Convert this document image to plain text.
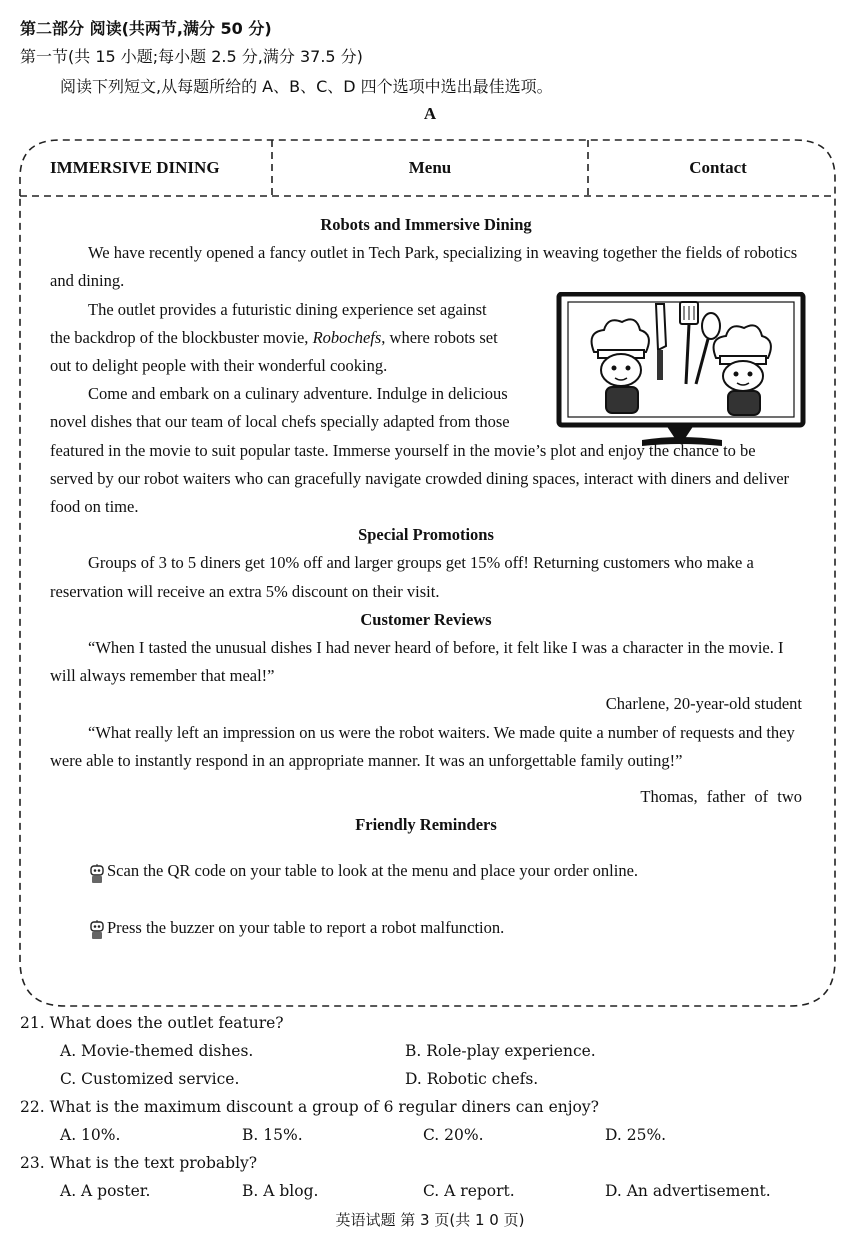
第二部分 阅读(共两节,满分 50 分)
第一节(共 15 小题;每小题 2.5 分,满分 37.5 分)
阅读下列短文,从每题所给的 A、B、C、D 四个选项中选出最佳选项。
A
IMMERSIVE DINING	Menu	Contact

Robots and Immersive Dining

We have recently opened a fancy outlet in Tech Park, specializing in weaving together the fields of robotics and dining.

The outlet provides a futuristic dining experience set against the backdrop of the blockbuster movie, Robochefs, where robots set out to delight people with their wonderful cooking.

Come and embark on a culinary adventure. Indulge in delicious novel dishes that our team of local chefs specially adapted from those featured in the movie to suit popular taste. Immerse yourself in the movie’s plot and enjoy the chance to be served by our robot waiters who can gracefully navigate crowded dining spaces, interact with diners and deliver food on time.

Special Promotions

Groups of 3 to 5 diners get 10% off and larger groups get 15% off! Returning customers who make a reservation will receive an extra 5% discount on their visit.

Customer Reviews

“When I tasted the unusual dishes I had never heard of before, it felt like I was a character in the movie. I will always remember that meal!”

Charlene, 20-year-old student

“What really left an impression on us were the robot waiters. We made quite a number of requests and they were able to instantly respond in an appropriate manner. It was an unforgettable family outing!”

Thomas, father of two

Friendly Reminders

Scan the QR code on your table to look at the menu and place your order online.

Press the buzzer on your table to report a robot malfunction.

21. What does the outlet feature?
A. Movie-themed dishes.	B. Role-play experience.
C. Customized service.	D. Robotic chefs.
22. What is the maximum discount a group of 6 regular diners can enjoy?
A. 10%.	B. 15%.	C. 20%.	D. 25%.
23. What is the text probably?
A. A poster.	B. A blog.	C. A report.	D. An advertisement.
英语试题 第 3 页(共 1 0 页)
